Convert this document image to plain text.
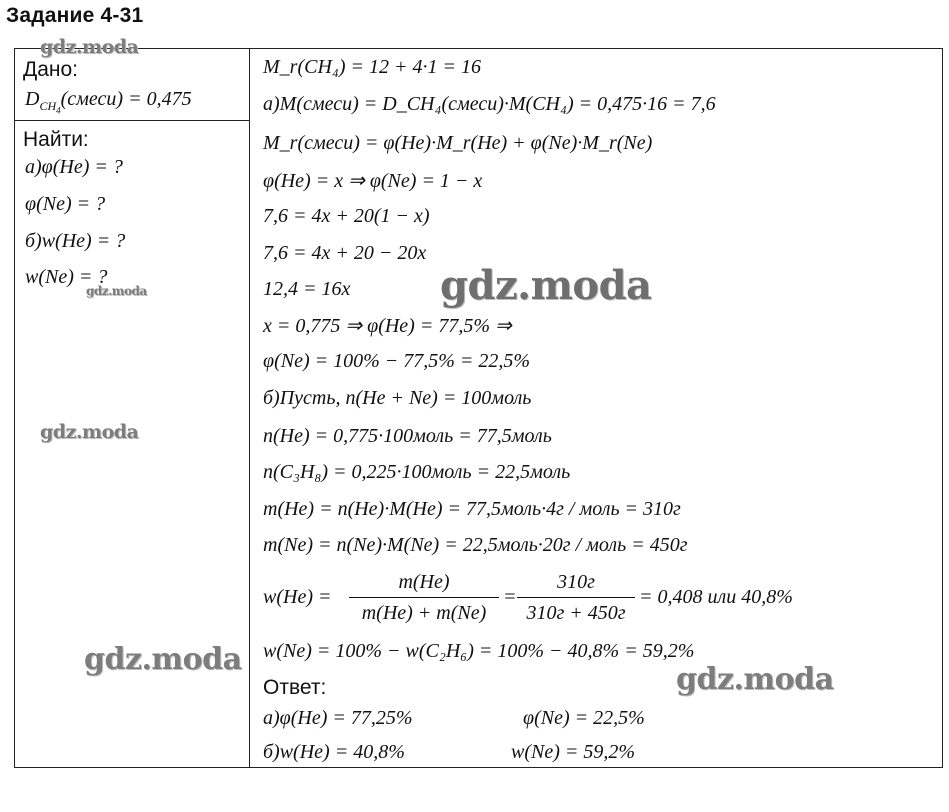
Задание 4-31
Дано:
$D_{CH_4}(смеси) = 0,475$
Найти:
а)φ(He) = ?
φ(Ne) = ?
б)w(He) = ?
w(Ne) = ?
M_r(CH₄) = 12 + 4·1 = 16
а)M(смеси) = D_CH₄(смеси)·M(CH₄) = 0,475·16 = 7,6
M_r(смеси) = φ(He)·M_r(He) + φ(Ne)·M_r(Ne)
φ(He) = x ⇒ φ(Ne) = 1 − x
7,6 = 4x + 20(1 − x)
7,6 = 4x + 20 − 20x
12,4 = 16x
x = 0,775 ⇒ φ(He) = 77,5% ⇒
φ(Ne) = 100% − 77,5% = 22,5%
б)Пусть, n(He + Ne) = 100моль
n(He) = 0,775·100моль = 77,5моль
n(C₃H₈) = 0,225·100моль = 22,5моль
m(He) = n(He)·M(He) = 77,5моль·4г / моль = 310г
m(Ne) = n(Ne)·M(Ne) = 22,5моль·20г / моль = 450г
w(He) =
m(He)
m(He) + m(Ne)
=
310г
310г + 450г
= 0,408 или 40,8%
w(Ne) = 100% − w(C₂H₆) = 100% − 40,8% = 59,2%
Ответ:
а)φ(He) = 77,25%	φ(Ne) = 22,5%
б)w(He) = 40,8%	w(Ne) = 59,2%
gdz.moda
gdz.moda
gdz.moda
gdz.moda
gdz.moda
gdz.moda
